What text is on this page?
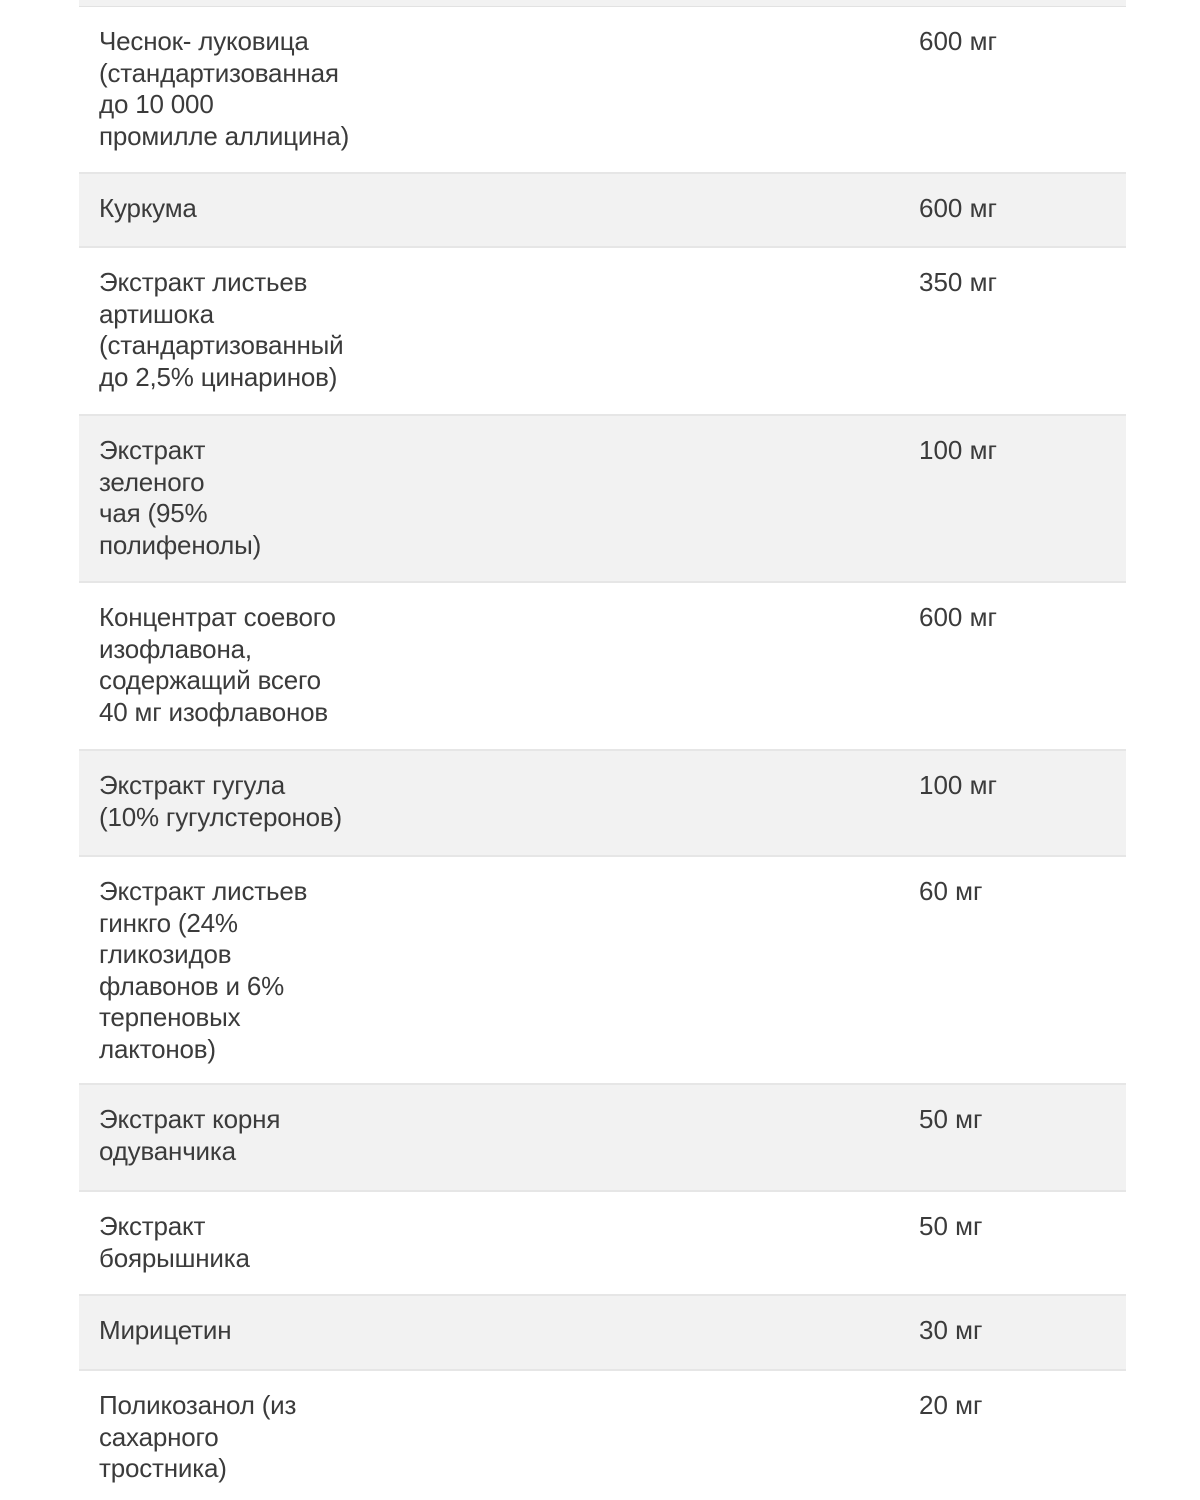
Чеснок- луковица
(стандартизованная
до 10 000
промилле аллицина)
600 мг
Куркума	600 мг
Экстракт листьев
артишока
(стандартизованный
до 2,5% цинаринов)
350 мг
Экстракт
зеленого
чая (95%
полифенолы)
100 мг
Концентрат соевого
изофлавона,
содержащий всего
40 мг изофлавонов
600 мг
Экстракт гугула
(10% гугулстеронов)
100 мг
Экстракт листьев
гинкго (24%
гликозидов
флавонов и 6%
терпеновых
лактонов)
60 мг
Экстракт корня
одуванчика
50 мг
Экстракт
боярышника
50 мг
Мирицетин	30 мг
Поликозанол (из
сахарного
тростника)
20 мг
